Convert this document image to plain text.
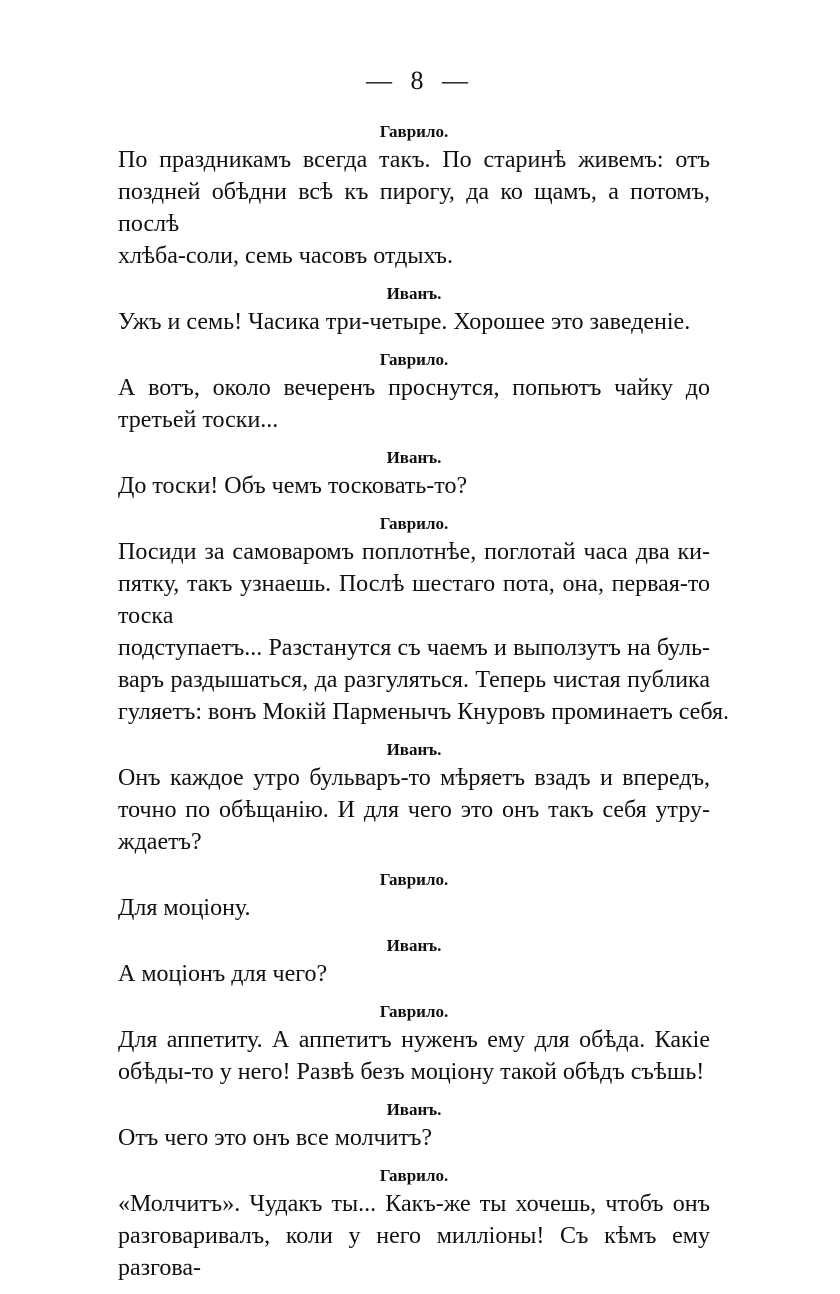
— 8 —

Гаврило.

По праздникамъ всегда такъ. По старинѣ живемъ: отъ
поздней обѣдни всѣ къ пирогу, да ко щамъ, а потомъ, послѣ
хлѣба-соли, семь часовъ отдыхъ.

Иванъ.

Ужъ и семь! Часика три-четыре. Хорошее это заведеніе.

Гаврило.

А вотъ, около вечеренъ проснутся, попьютъ чайку до
третьей тоски...

Иванъ.

До тоски! Объ чемъ тосковать-то?

Гаврило.

Посиди за самоваромъ поплотнѣе, поглотай часа два ки-
пятку, такъ узнаешь. Послѣ шестаго пота, она, первая-то тоска
подступаетъ... Разстанутся съ чаемъ и выползутъ на буль-
варъ раздышаться, да разгуляться. Теперь чистая публика
гуляетъ: вонъ Мокій Парменычъ Кнуровъ проминаетъ себя.

Иванъ.

Онъ каждое утро бульваръ-то мѣряетъ взадъ и впередъ,
точно по обѣщанію. И для чего это онъ такъ себя утру-
ждаетъ?

Гаврило.

Для моціону.

Иванъ.

А моціонъ для чего?

Гаврило.

Для аппетиту. А аппетитъ нуженъ ему для обѣда. Какіе
обѣды-то у него! Развѣ безъ моціону такой обѣдъ съѣшь!

Иванъ.

Отъ чего это онъ все молчитъ?

Гаврило.

«Молчитъ». Чудакъ ты... Какъ-же ты хочешь, чтобъ онъ
разговаривалъ, коли у него милліоны! Съ кѣмъ ему разгова-
